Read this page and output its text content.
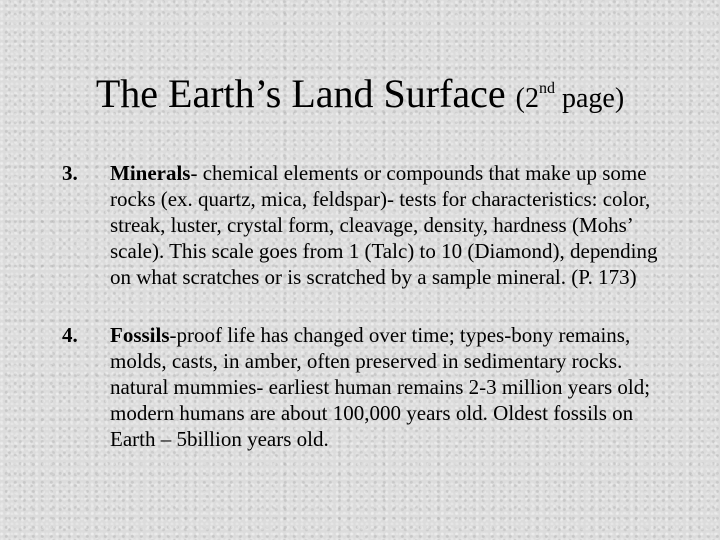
The Earth’s Land Surface (2nd page)
3. Minerals- chemical elements or compounds that make up some rocks (ex. quartz, mica, feldspar)- tests for characteristics: color, streak, luster, crystal form, cleavage, density, hardness (Mohs’ scale). This scale goes from 1 (Talc) to 10 (Diamond), depending on what scratches or is scratched by a sample mineral. (P. 173)
4. Fossils-proof life has changed over time; types-bony remains, molds, casts, in amber, often preserved in sedimentary rocks. natural mummies- earliest human remains 2-3 million years old; modern humans are about 100,000 years old. Oldest fossils on Earth – 5billion years old.
